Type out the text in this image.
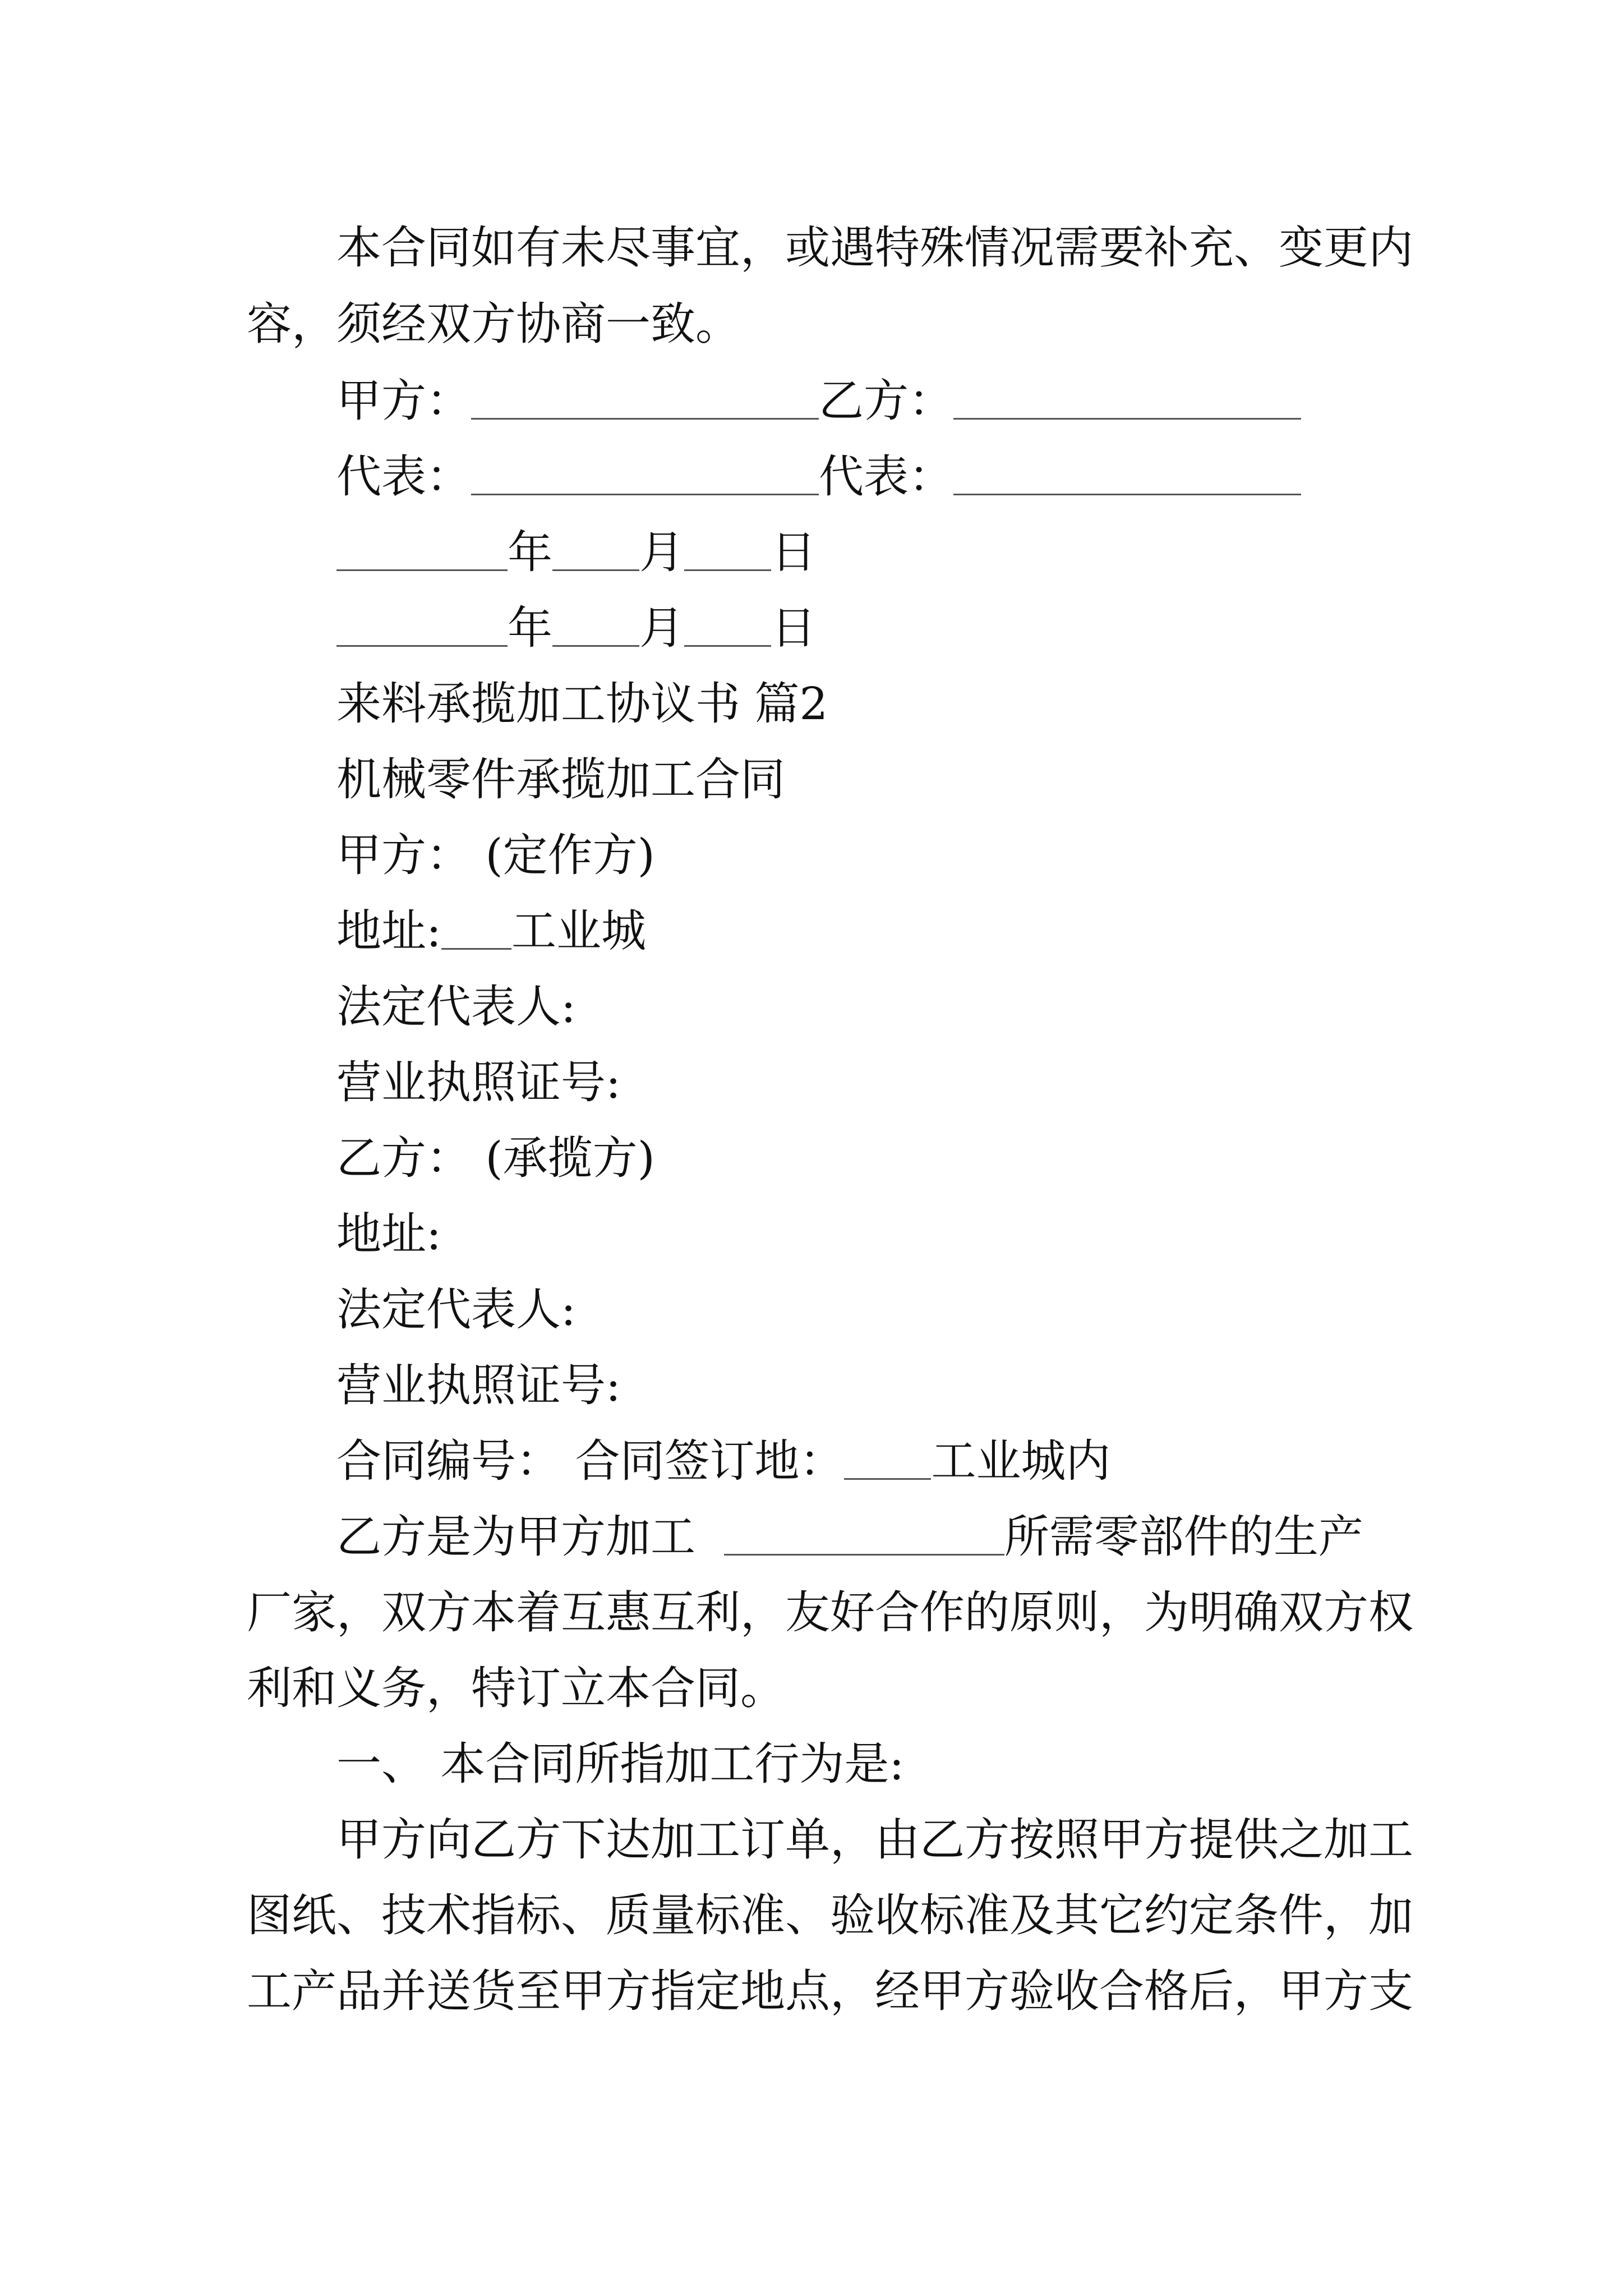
本合同如有未尽事宜，或遇特殊情况需要补充、变更内
容，须经双方协商一致。
甲方：	乙方：
代表：	代表：
年 月 日
年 月 日
来料承揽加工协议书 篇2
机械零件承揽加工合同
甲方： (定作方)
地址: 工业城
法定代表人:
营业执照证号:
乙方： (承揽方)
地址:
法定代表人:
营业执照证号:
合同编号： 合同签订地： 工业城内
乙方是为甲方加工	所需零部件的生产
厂家，双方本着互惠互利，友好合作的原则，为明确双方权
利和义务，特订立本合同。
一、 本合同所指加工行为是:
甲方向乙方下达加工订单，由乙方按照甲方提供之加工
图纸、技术指标、质量标准、验收标准及其它约定条件，加
工产品并送货至甲方指定地点，经甲方验收合格后，甲方支
